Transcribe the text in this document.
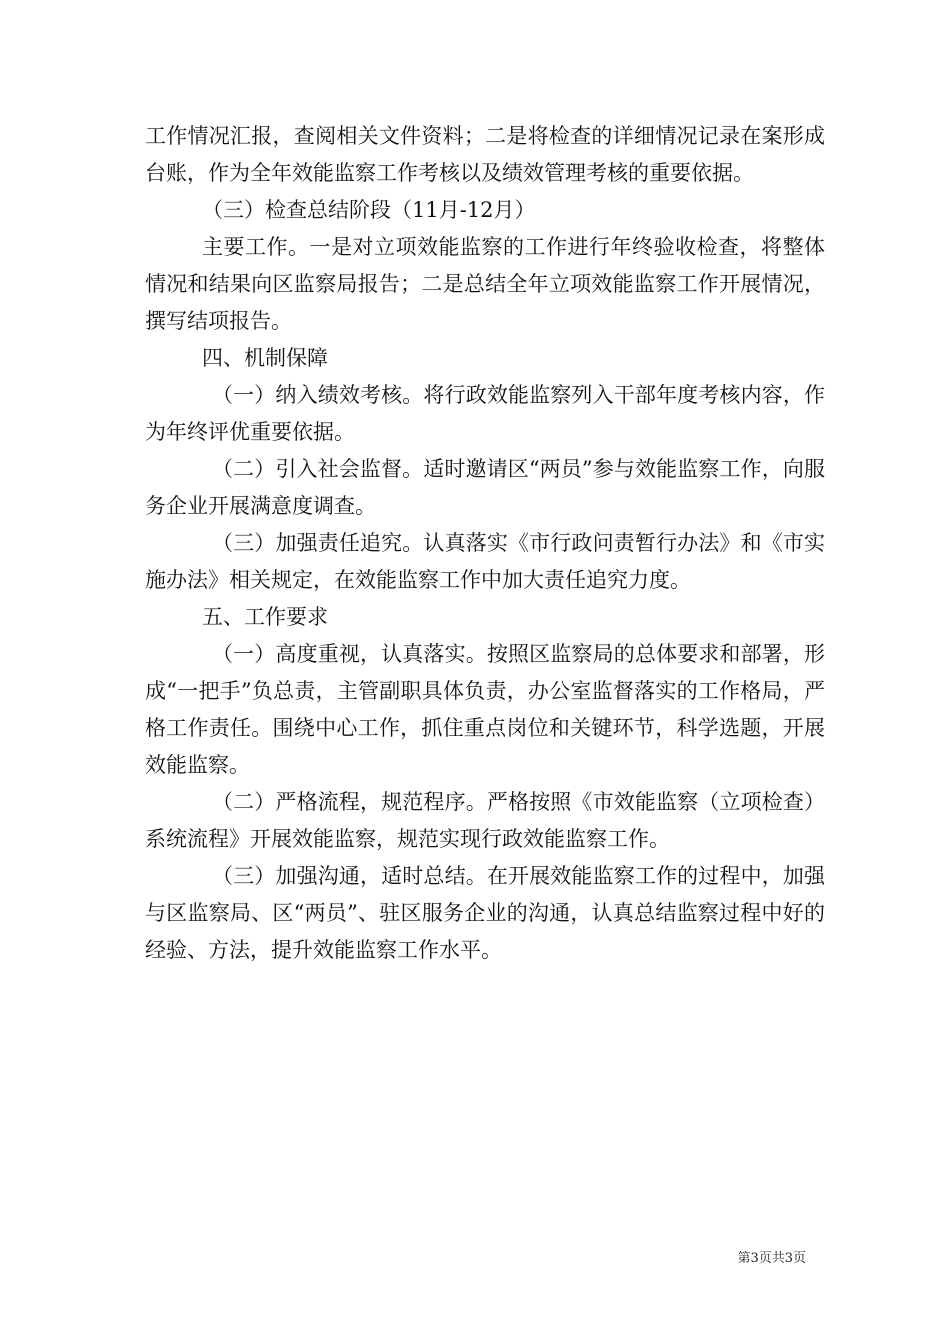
工作情况汇报，查阅相关文件资料；二是将检查的详细情况记录在案形成台账，作为全年效能监察工作考核以及绩效管理考核的重要依据。

（三）检查总结阶段（11月-12月）

主要工作。一是对立项效能监察的工作进行年终验收检查，将整体情况和结果向区监察局报告；二是总结全年立项效能监察工作开展情况，撰写结项报告。

四、机制保障

（一）纳入绩效考核。将行政效能监察列入干部年度考核内容，作为年终评优重要依据。

（二）引入社会监督。适时邀请区“两员”参与效能监察工作，向服务企业开展满意度调查。

（三）加强责任追究。认真落实《市行政问责暂行办法》和《市实施办法》相关规定，在效能监察工作中加大责任追究力度。

五、工作要求

（一）高度重视，认真落实。按照区监察局的总体要求和部署，形成“一把手”负总责，主管副职具体负责，办公室监督落实的工作格局，严格工作责任。围绕中心工作，抓住重点岗位和关键环节，科学选题，开展效能监察。

（二）严格流程，规范程序。严格按照《市效能监察（立项检查）系统流程》开展效能监察，规范实现行政效能监察工作。

（三）加强沟通，适时总结。在开展效能监察工作的过程中，加强与区监察局、区“两员”、驻区服务企业的沟通，认真总结监察过程中好的经验、方法，提升效能监察工作水平。

第3页共3页
